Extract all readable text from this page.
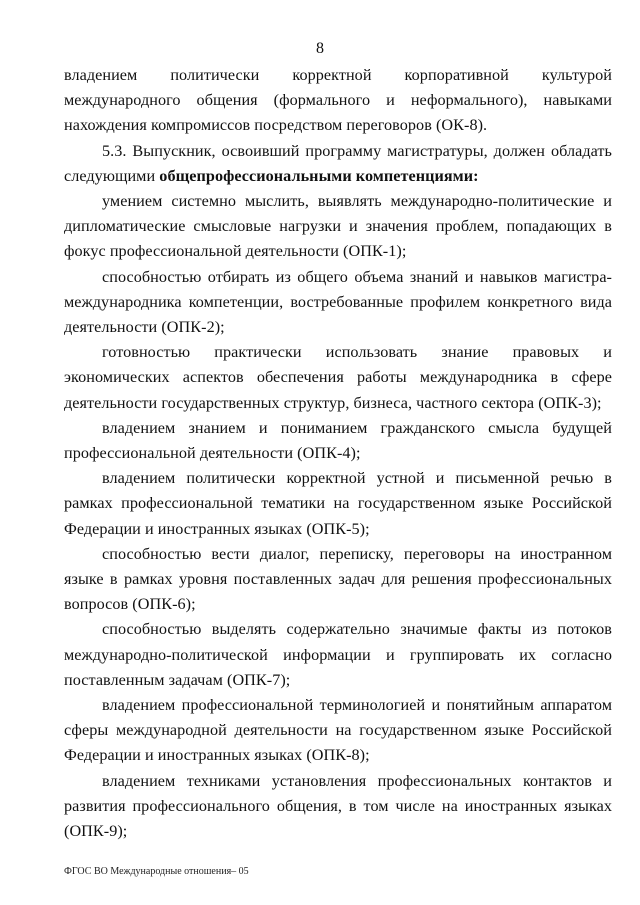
8

владением политически корректной корпоративной культурой международного общения (формального и неформального), навыками нахождения компромиссов посредством переговоров (ОК-8).

5.3. Выпускник, освоивший программу магистратуры, должен обладать следующими общепрофессиональными компетенциями:

умением системно мыслить, выявлять международно-политические и дипломатические смысловые нагрузки и значения проблем, попадающих в фокус профессиональной деятельности (ОПК-1);

способностью отбирать из общего объема знаний и навыков магистра-международника компетенции, востребованные профилем конкретного вида деятельности (ОПК-2);

готовностью практически использовать знание правовых и экономических аспектов обеспечения работы международника в сфере деятельности государственных структур, бизнеса, частного сектора (ОПК-3);

владением знанием и пониманием гражданского смысла будущей профессиональной деятельности (ОПК-4);

владением политически корректной устной и письменной речью в рамках профессиональной тематики на государственном языке Российской Федерации и иностранных языках (ОПК-5);

способностью вести диалог, переписку, переговоры на иностранном языке в рамках уровня поставленных задач для решения профессиональных вопросов (ОПК-6);

способностью выделять содержательно значимые факты из потоков международно-политической информации и группировать их согласно поставленным задачам (ОПК-7);

владением профессиональной терминологией и понятийным аппаратом сферы международной деятельности на государственном языке Российской Федерации и иностранных языках (ОПК-8);

владением техниками установления профессиональных контактов и развития профессионального общения, в том числе на иностранных языках (ОПК-9);

ФГОС ВО Международные отношения– 05
